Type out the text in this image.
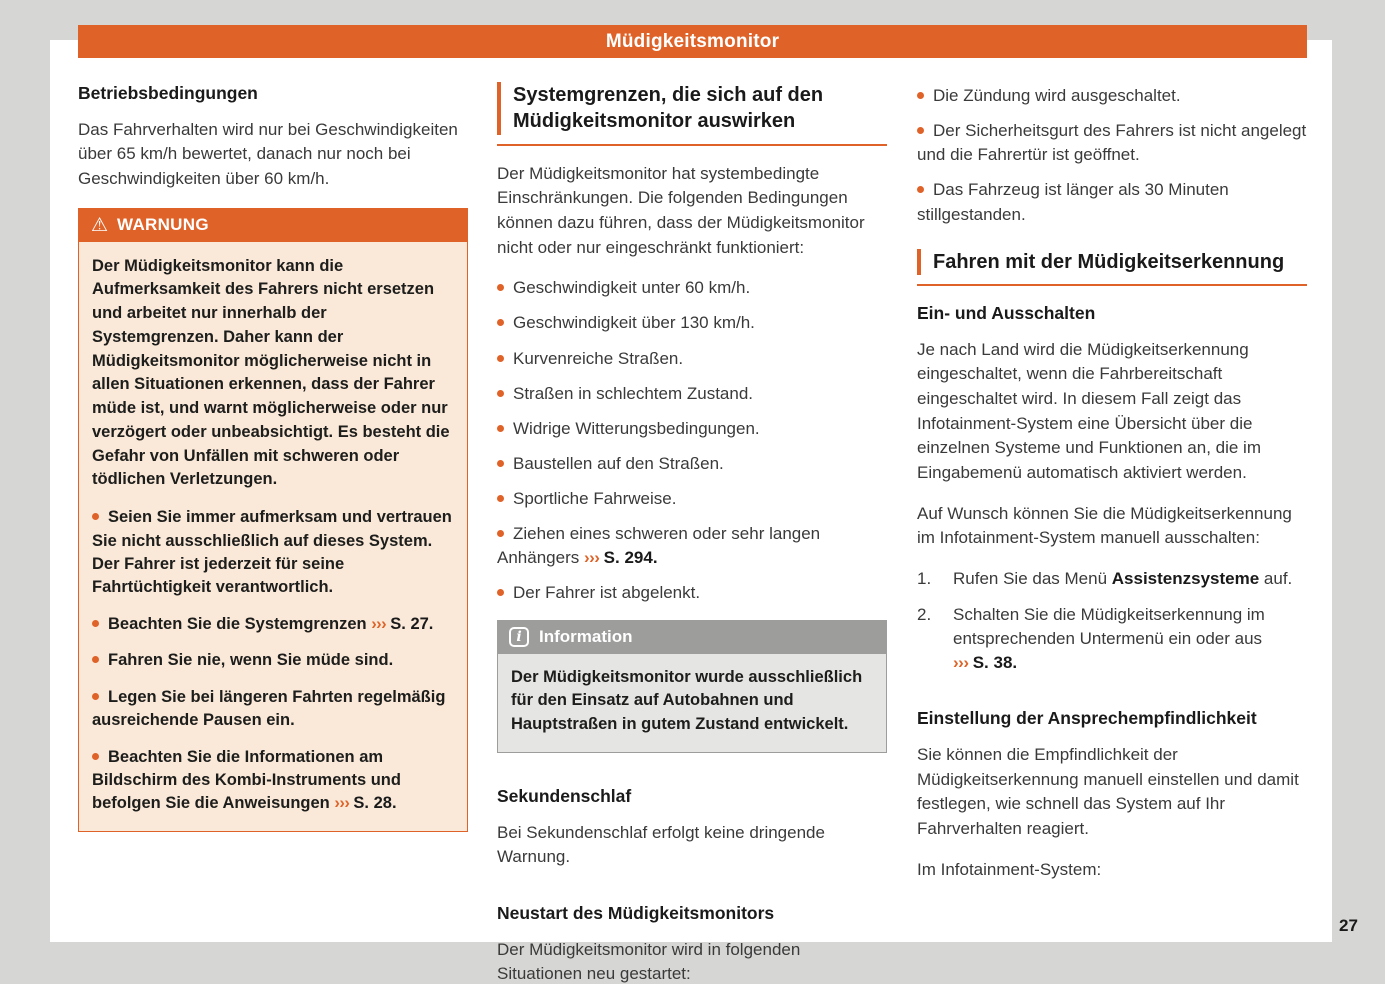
Müdigkeitsmonitor
Betriebsbedingungen

Das Fahrverhalten wird nur bei Geschwindigkeiten über 65 km/h bewertet, danach nur noch bei Geschwindigkeiten über 60 km/h.

⚠ WARNUNG

Der Müdigkeitsmonitor kann die Aufmerksamkeit des Fahrers nicht ersetzen und arbeitet nur innerhalb der Systemgrenzen. Daher kann der Müdigkeitsmonitor möglicherweise nicht in allen Situationen erkennen, dass der Fahrer müde ist, und warnt möglicherweise oder nur verzögert oder unbeabsichtigt. Es besteht die Gefahr von Unfällen mit schweren oder tödlichen Verletzungen.

Seien Sie immer aufmerksam und vertrauen Sie nicht ausschließlich auf dieses System. Der Fahrer ist jederzeit für seine Fahrtüchtigkeit verantwortlich.
Beachten Sie die Systemgrenzen ››› S. 27.
Fahren Sie nie, wenn Sie müde sind.
Legen Sie bei längeren Fahrten regelmäßig ausreichende Pausen ein.
Beachten Sie die Informationen am Bildschirm des Kombi-Instruments und befolgen Sie die Anweisungen ››› S. 28.
Systemgrenzen, die sich auf den Müdigkeitsmonitor auswirken

Der Müdigkeitsmonitor hat systembedingte Einschränkungen. Die folgenden Bedingungen können dazu führen, dass der Müdigkeitsmonitor nicht oder nur eingeschränkt funktioniert:

Geschwindigkeit unter 60 km/h.
Geschwindigkeit über 130 km/h.
Kurvenreiche Straßen.
Straßen in schlechtem Zustand.
Widrige Witterungsbedingungen.
Baustellen auf den Straßen.
Sportliche Fahrweise.
Ziehen eines schweren oder sehr langen Anhängers ››› S. 294.
Der Fahrer ist abgelenkt.
i Information
Der Müdigkeitsmonitor wurde ausschließlich für den Einsatz auf Autobahnen und Hauptstraßen in gutem Zustand entwickelt.
Sekundenschlaf

Bei Sekundenschlaf erfolgt keine dringende Warnung.

Neustart des Müdigkeitsmonitors

Der Müdigkeitsmonitor wird in folgenden Situationen neu gestartet:

Die Zündung wird ausgeschaltet.
Der Sicherheitsgurt des Fahrers ist nicht angelegt und die Fahrertür ist geöffnet.
Das Fahrzeug ist länger als 30 Minuten stillgestanden.
Fahren mit der Müdigkeitserkennung
Ein- und Ausschalten

Je nach Land wird die Müdigkeitserkennung eingeschaltet, wenn die Fahrbereitschaft eingeschaltet wird. In diesem Fall zeigt das Infotainment-System eine Übersicht über die einzelnen Systeme und Funktionen an, die im Eingabemenü automatisch aktiviert werden.

Auf Wunsch können Sie die Müdigkeitserkennung im Infotainment-System manuell ausschalten:

1.	Rufen Sie das Menü Assistenzsysteme auf.
2.	Schalten Sie die Müdigkeitserkennung im entsprechenden Untermenü ein oder aus ››› S. 38.
Einstellung der Ansprechempfindlichkeit

Sie können die Empfindlichkeit der Müdigkeitserkennung manuell einstellen und damit festlegen, wie schnell das System auf Ihr Fahrverhalten reagiert.

Im Infotainment-System:

27
